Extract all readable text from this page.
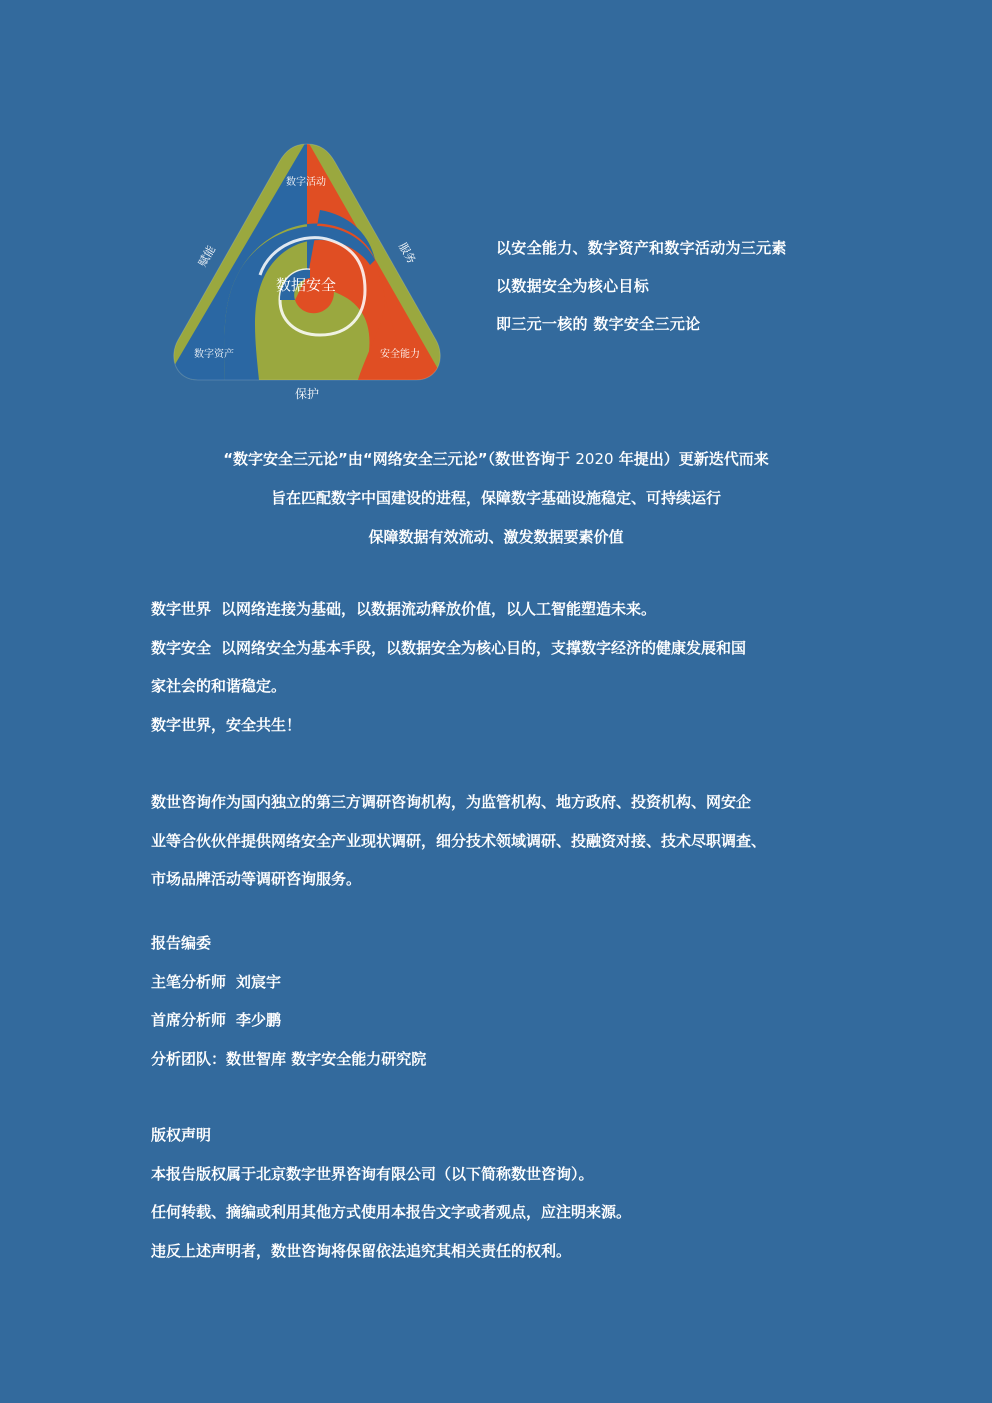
数据安全
数字活动
数字资产	安全能力
赋能	服务
保护
以安全能力、数字资产和数字活动为三元素
以数据安全为核心目标
即三元一核的 数字安全三元论
“数字安全三元论”由“网络安全三元论”（数世咨询于 2020 年提出）更新迭代而来
旨在匹配数字中国建设的进程，保障数字基础设施稳定、可持续运行
保障数据有效流动、激发数据要素价值
数字世界 以网络连接为基础，以数据流动释放价值，以人工智能塑造未来。
数字安全 以网络安全为基本手段，以数据安全为核心目的，支撑数字经济的健康发展和国
家社会的和谐稳定。
数字世界，安全共生！
数世咨询作为国内独立的第三方调研咨询机构，为监管机构、地方政府、投资机构、网安企
业等合伙伙伴提供网络安全产业现状调研，细分技术领域调研、投融资对接、技术尽职调查、
市场品牌活动等调研咨询服务。
报告编委
主笔分析师 刘宸宇
首席分析师 李少鹏
分析团队：数世智库 数字安全能力研究院
版权声明
本报告版权属于北京数字世界咨询有限公司（以下简称数世咨询）。
任何转载、摘编或利用其他方式使用本报告文字或者观点，应注明来源。
违反上述声明者，数世咨询将保留依法追究其相关责任的权利。
